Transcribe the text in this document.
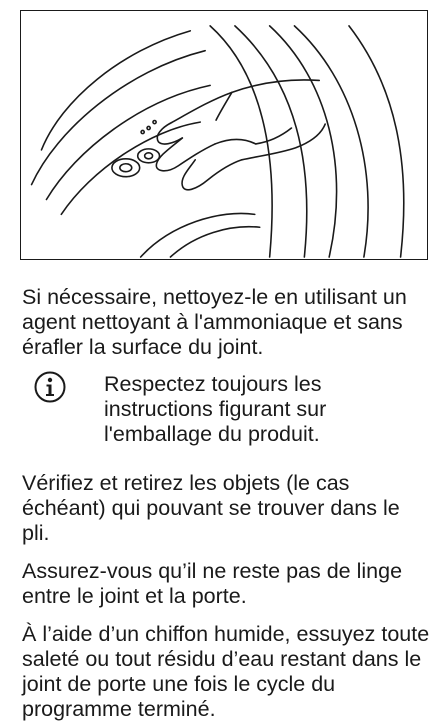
Si nécessaire, nettoyez-le en utilisant un agent nettoyant à l'ammoniaque et sans érafler la surface du joint.

Respectez toujours les instructions figurant sur l'emballage du produit.

Vérifiez et retirez les objets (le cas échéant) qui pouvant se trouver dans le pli.

Assurez-vous qu’il ne reste pas de linge entre le joint et la porte.

À l’aide d’un chiffon humide, essuyez toute saleté ou tout résidu d’eau restant dans le joint de porte une fois le cycle du programme terminé.
